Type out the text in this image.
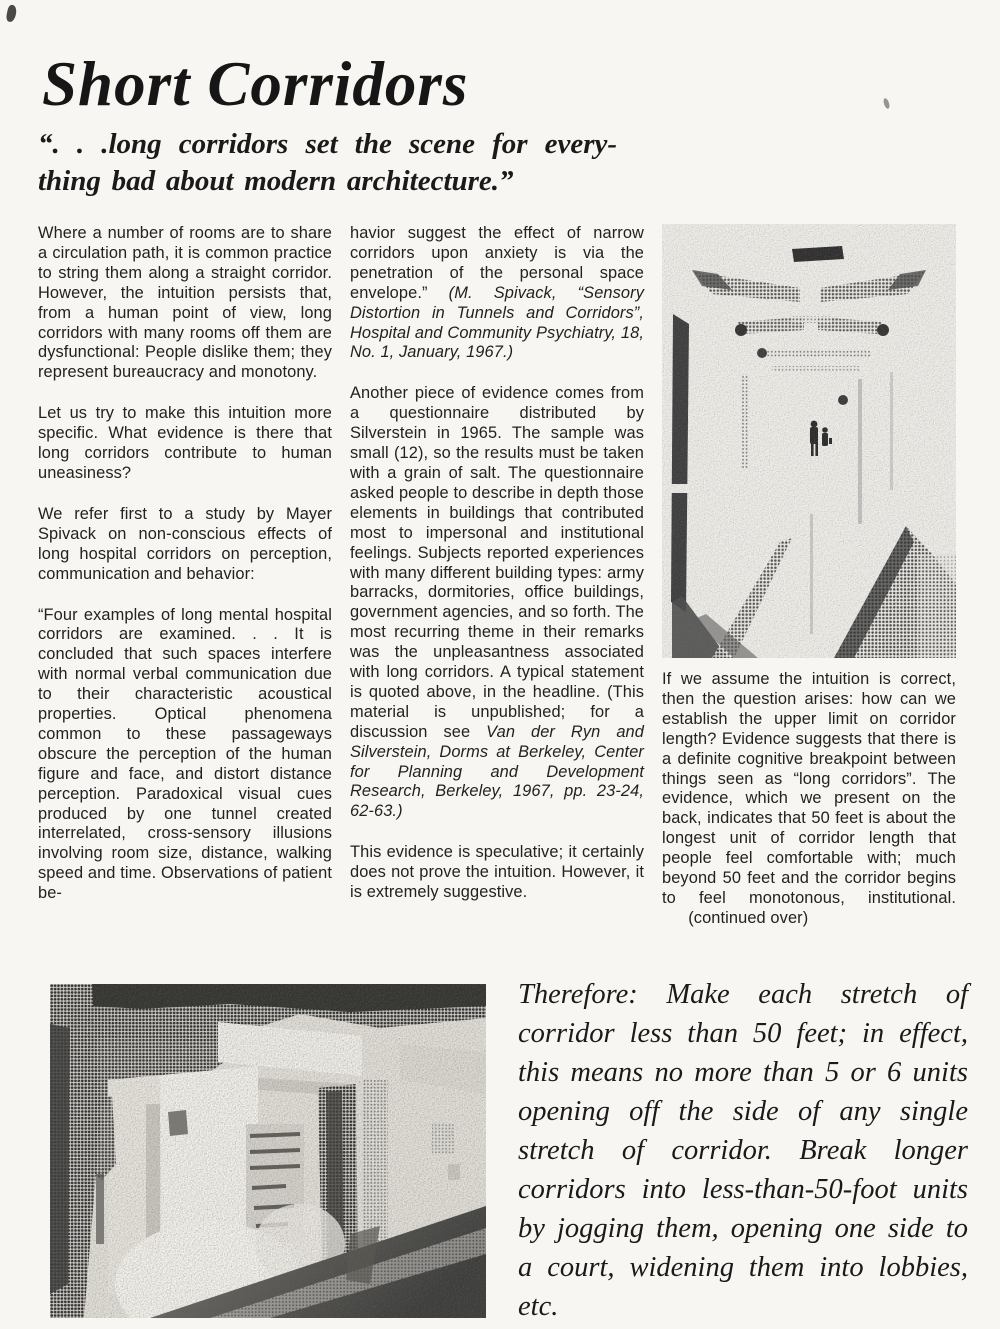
Short Corridors
“. . .long corridors set the scene for every-
thing bad about modern architecture.”

Where a number of rooms are to share a circulation path, it is common practice to string them along a straight corridor. However, the intuition persists that, from a human point of view, long corridors with many rooms off them are dysfunctional: People dislike them; they represent bureaucracy and monotony.

Let us try to make this intuition more specific. What evidence is there that long corridors contribute to human uneasiness?

We refer first to a study by Mayer Spivack on non-conscious effects of long hospital corridors on perception, communication and behavior:

“Four examples of long mental hospital corridors are examined. . . It is concluded that such spaces interfere with normal verbal communication due to their characteristic acoustical properties. Optical phenomena common to these passageways obscure the perception of the human figure and face, and distort distance perception. Paradoxical visual cues produced by one tunnel created interrelated, cross-sensory illusions involving room size, distance, walking speed and time. Observations of patient be-

havior suggest the effect of narrow corridors upon anxiety is via the penetration of the personal space envelope.” (M. Spivack, “Sensory Distortion in Tunnels and Corridors”, Hospital and Community Psychiatry, 18, No. 1, January, 1967.)

Another piece of evidence comes from a questionnaire distributed by Silverstein in 1965. The sample was small (12), so the results must be taken with a grain of salt. The questionnaire asked people to describe in depth those elements in buildings that contributed most to impersonal and institutional feelings. Subjects reported experiences with many different building types: army barracks, dormitories, office buildings, government agencies, and so forth. The most recurring theme in their remarks was the unpleasantness associated with long corridors. A typical statement is quoted above, in the headline. (This material is unpublished; for a discussion see Van der Ryn and Silverstein, Dorms at Berkeley, Center for Planning and Development Research, Berkeley, 1967, pp. 23-24, 62-63.)

This evidence is speculative; it certainly does not prove the intuition. However, it is extremely suggestive.

If we assume the intuition is correct, then the question arises: how can we establish the upper limit on corridor length? Evidence suggests that there is a definite cognitive breakpoint between things seen as “long corridors”. The evidence, which we present on the back, indicates that 50 feet is about the longest unit of corridor length that people feel comfortable with; much beyond 50 feet and the corridor begins to feel monotonous, institutional.(continued over)

Therefore: Make each stretch of corridor less than 50 feet; in effect, this means no more than 5 or 6 units opening off the side of any single stretch of corridor. Break longer corridors into less-than-50-foot units by jogging them, opening one side to a court, widening them into lobbies, etc.
